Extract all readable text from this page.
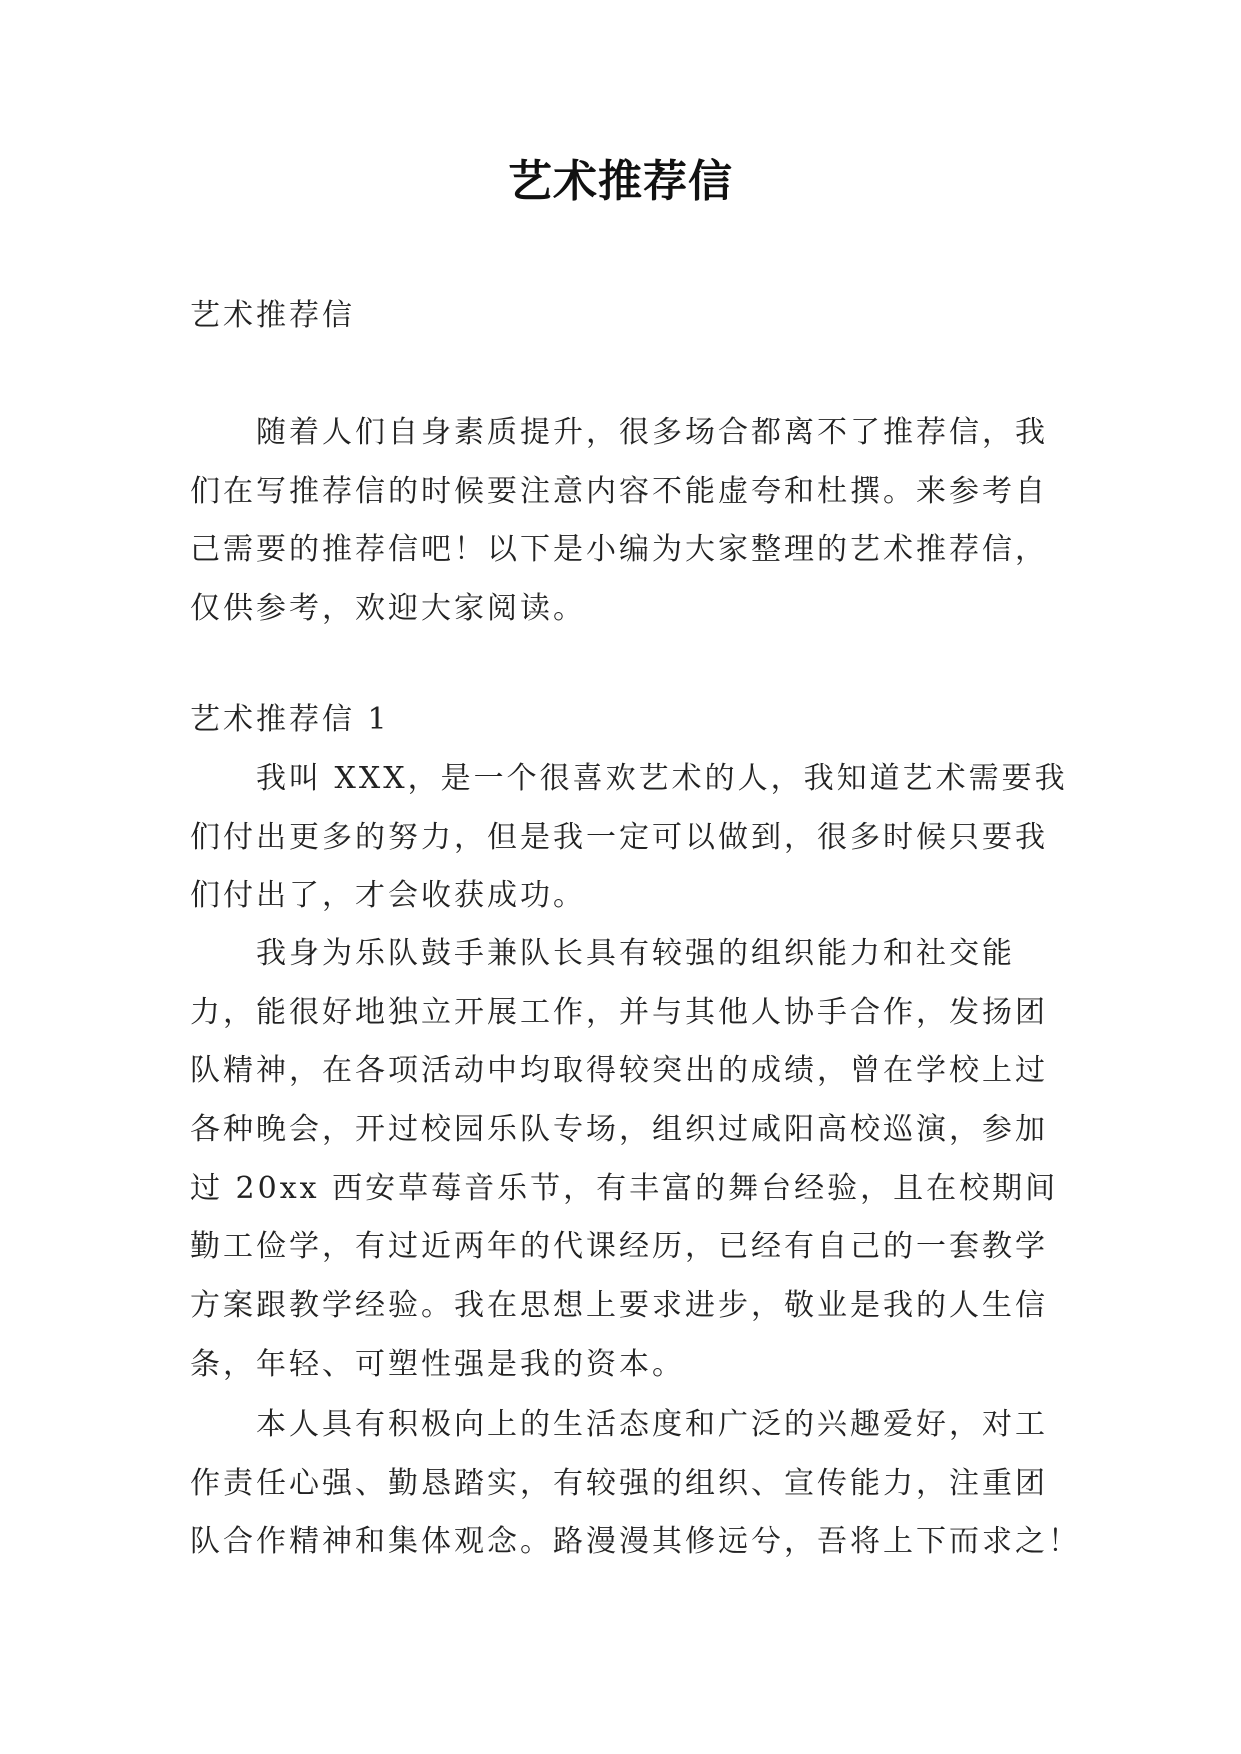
艺术推荐信
艺术推荐信
随着人们自身素质提升，很多场合都离不了推荐信，我
们在写推荐信的时候要注意内容不能虚夸和杜撰。来参考自
己需要的推荐信吧！以下是小编为大家整理的艺术推荐信，
仅供参考，欢迎大家阅读。
艺术推荐信 1
我叫 XXX，是一个很喜欢艺术的人，我知道艺术需要我
们付出更多的努力，但是我一定可以做到，很多时候只要我
们付出了，才会收获成功。
我身为乐队鼓手兼队长具有较强的组织能力和社交能
力，能很好地独立开展工作，并与其他人协手合作，发扬团
队精神，在各项活动中均取得较突出的成绩，曾在学校上过
各种晚会，开过校园乐队专场，组织过咸阳高校巡演，参加
过 20xx 西安草莓音乐节，有丰富的舞台经验，且在校期间
勤工俭学，有过近两年的代课经历，已经有自己的一套教学
方案跟教学经验。我在思想上要求进步，敬业是我的人生信
条，年轻、可塑性强是我的资本。
本人具有积极向上的生活态度和广泛的兴趣爱好，对工
作责任心强、勤恳踏实，有较强的组织、宣传能力，注重团
队合作精神和集体观念。路漫漫其修远兮，吾将上下而求之！
